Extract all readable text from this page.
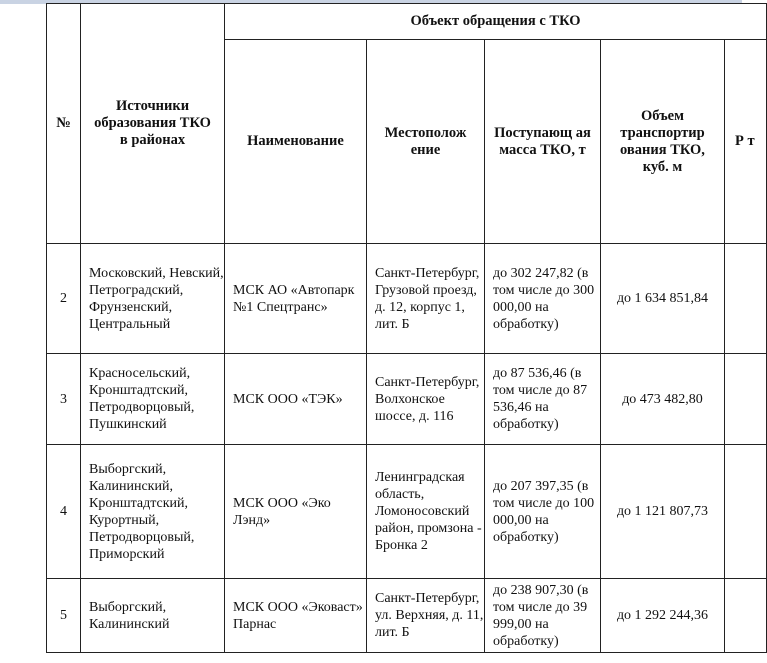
№	Источники образования ТКО в районах	Объект обращения с ТКО				
		Наименование	Местополож ение	Поступающ ая масса ТКО, т	Объем транспортир ования ТКО, куб. м	Р т
2	Московский, Невский, Петроградский, Фрунзенский, Центральный	МСК АО «Автопарк №1 Спецтранс»	Санкт-Петербург, Грузовой проезд, д. 12, корпус 1, лит. Б	до 302 247,82 (в том числе до 300 000,00 на обработку)	до 1 634 851,84	
3	Красносельский, Кронштадтский, Петродворцовый, Пушкинский	МСК ООО «ТЭК»	Санкт-Петербург, Волхонское шоссе, д. 116	до 87 536,46 (в том числе до 87 536,46 на обработку)	до 473 482,80	
4	Выборгский, Калининский, Кронштадтский, Курортный, Петродворцовый, Приморский	МСК ООО «Эко Лэнд»	Ленинградская область, Ломоносовский район, промзона - Бронка 2	до 207 397,35 (в том числе до 100 000,00 на обработку)	до 1 121 807,73	
5	Выборгский, Калининский	МСК ООО «Эковаст» Парнас	Санкт-Петербург, ул. Верхняя, д. 11, лит. Б	до 238 907,30 (в том числе до 39 999,00 на обработку)	до 1 292 244,36	
